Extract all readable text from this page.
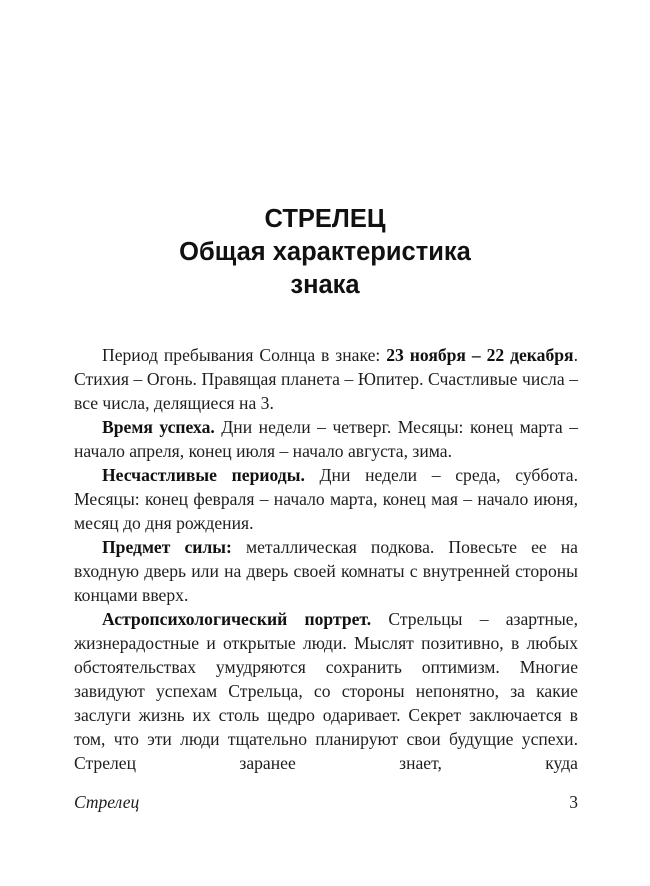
СТРЕЛЕЦ
Общая характеристика
знака

Период пребывания Солнца в знаке: 23 ноября – 22 декабря. Стихия – Огонь. Правящая планета – Юпитер. Счастливые числа – все числа, делящиеся на 3.

Время успеха. Дни недели – четверг. Месяцы: конец марта – начало апреля, конец июля – начало августа, зима.

Несчастливые периоды. Дни недели – среда, суббота. Месяцы: конец февраля – начало марта, конец мая – начало июня, месяц до дня рождения.

Предмет силы: металлическая подкова. Повесьте ее на входную дверь или на дверь своей комнаты с внутренней стороны концами вверх.

Астропсихологический портрет. Стрельцы – азартные, жизнерадостные и открытые люди. Мыслят позитивно, в любых обстоятельствах умудряются сохранить оптимизм. Многие завидуют успехам Стрельца, со стороны непонятно, за какие заслуги жизнь их столь щедро одаривает. Секрет заключается в том, что эти люди тщательно планируют свои будущие успехи. Стрелец заранее знает, куда

Стрелец	3
